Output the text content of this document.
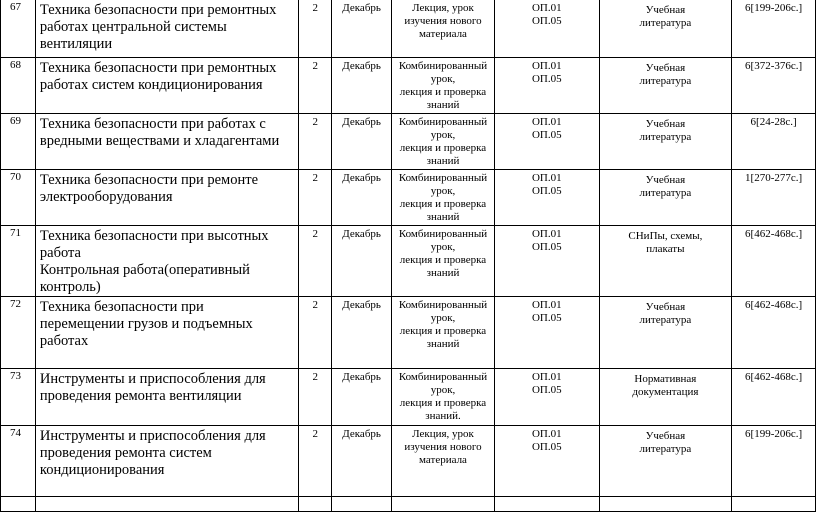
67	Техника безопасности при ремонтных
работах центральной системы
вентиляции	2	Декабрь	Лекция, урок
изучения нового
материала	ОП.01
ОП.05	Учебная
литература	6[199-206с.]
68	Техника безопасности при ремонтных
работах систем кондиционирования	2	Декабрь	Комбинированный
урок,
лекция и проверка
знаний	ОП.01
ОП.05	Учебная
литература	6[372-376с.]
69	Техника безопасности при работах с
вредными веществами и хладагентами	2	Декабрь	Комбинированный
урок,
лекция и проверка
знаний	ОП.01
ОП.05	Учебная
литература	6[24-28с.]
70	Техника безопасности при ремонте
электрооборудования	2	Декабрь	Комбинированный
урок,
лекция и проверка
знаний	ОП.01
ОП.05	Учебная
литература	1[270-277с.]
71	Техника безопасности при высотных
работа
Контрольная работа(оперативный
контроль)	2	Декабрь	Комбинированный
урок,
лекция и проверка
знаний	ОП.01
ОП.05	СНиПы, схемы,
плакаты	6[462-468с.]
72	Техника безопасности при
перемещении грузов и подъемных
работах	2	Декабрь	Комбинированный
урок,
лекция и проверка
знаний	ОП.01
ОП.05	Учебная
литература	6[462-468с.]
73	Инструменты и приспособления для
проведения ремонта вентиляции	2	Декабрь	Комбинированный
урок,
лекция и проверка
знаний.	ОП.01
ОП.05	Нормативная
документация	6[462-468с.]
74	Инструменты и приспособления для
проведения ремонта систем
кондиционирования	2	Декабрь	Лекция, урок
изучения нового
материала	ОП.01
ОП.05	Учебная
литература	6[199-206с.]
